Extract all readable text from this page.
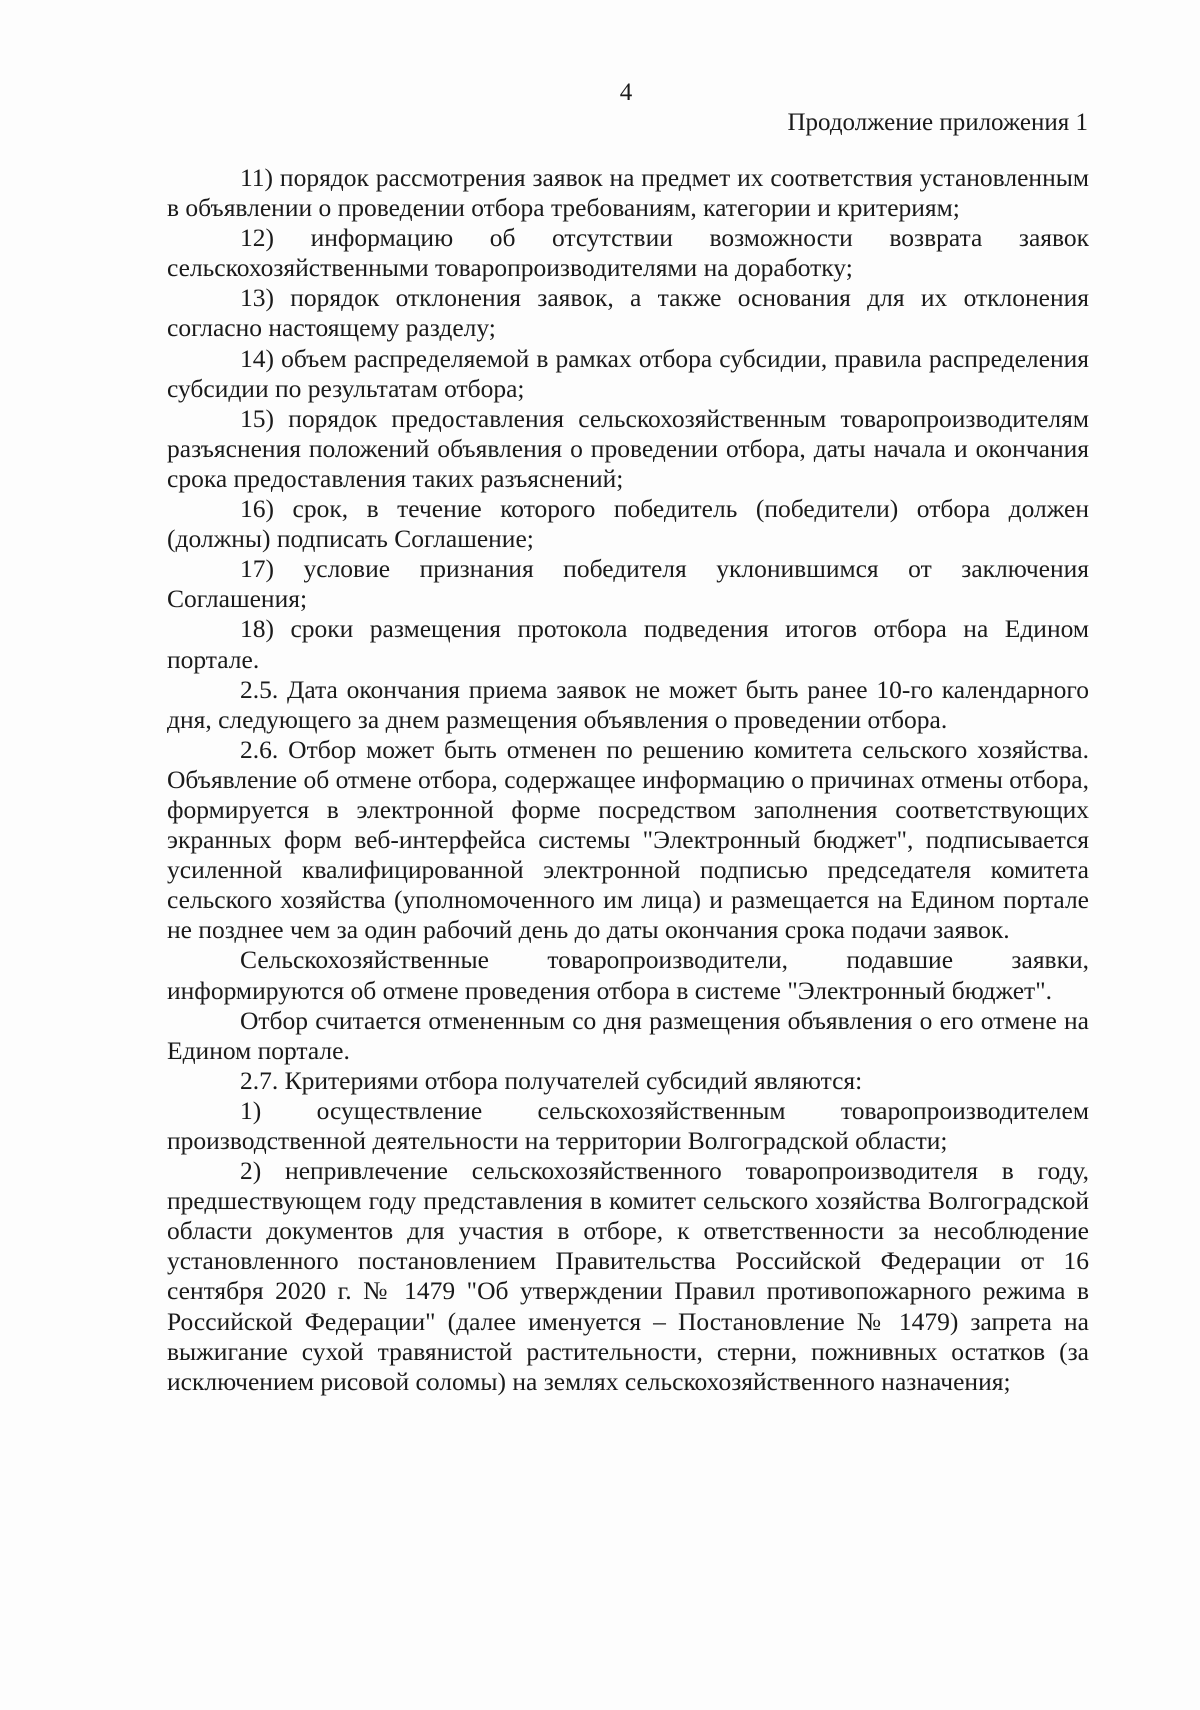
4
Продолжение приложения 1

11) порядок рассмотрения заявок на предмет их соответствия установленным в объявлении о проведении отбора требованиям, категории и критериям;

12) информацию об отсутствии возможности возврата заявок сельскохозяйственными товаропроизводителями на доработку;

13) порядок отклонения заявок, а также основания для их отклонения согласно настоящему разделу;

14) объем распределяемой в рамках отбора субсидии, правила распределения субсидии по результатам отбора;

15) порядок предоставления сельскохозяйственным товаропроизводителям разъяснения положений объявления о проведении отбора, даты начала и окончания срока предоставления таких разъяснений;

16) срок, в течение которого победитель (победители) отбора должен (должны) подписать Соглашение;

17) условие признания победителя уклонившимся от заключения Соглашения;

18) сроки размещения протокола подведения итогов отбора на Едином портале.

2.5. Дата окончания приема заявок не может быть ранее 10-го календарного дня, следующего за днем размещения объявления о проведении отбора.

2.6. Отбор может быть отменен по решению комитета сельского хозяйства. Объявление об отмене отбора, содержащее информацию о причинах отмены отбора, формируется в электронной форме посредством заполнения соответствующих экранных форм веб-интерфейса системы "Электронный бюджет", подписывается усиленной квалифицированной электронной подписью председателя комитета сельского хозяйства (уполномоченного им лица) и размещается на Едином портале не позднее чем за один рабочий день до даты окончания срока подачи заявок.

Сельскохозяйственные товаропроизводители, подавшие заявки, информируются об отмене проведения отбора в системе "Электронный бюджет".

Отбор считается отмененным со дня размещения объявления о его отмене на Едином портале.

2.7. Критериями отбора получателей субсидий являются:

1) осуществление сельскохозяйственным товаропроизводителем производственной деятельности на территории Волгоградской области;

2) непривлечение сельскохозяйственного товаропроизводителя в году, предшествующем году представления в комитет сельского хозяйства Волгоградской области документов для участия в отборе, к ответственности за несоблюдение установленного постановлением Правительства Российской Федерации от 16 сентября 2020 г. № 1479 "Об утверждении Правил противопожарного режима в Российской Федерации" (далее именуется – Постановление № 1479) запрета на выжигание сухой травянистой растительности, стерни, пожнивных остатков (за исключением рисовой соломы) на землях сельскохозяйственного назначения;
